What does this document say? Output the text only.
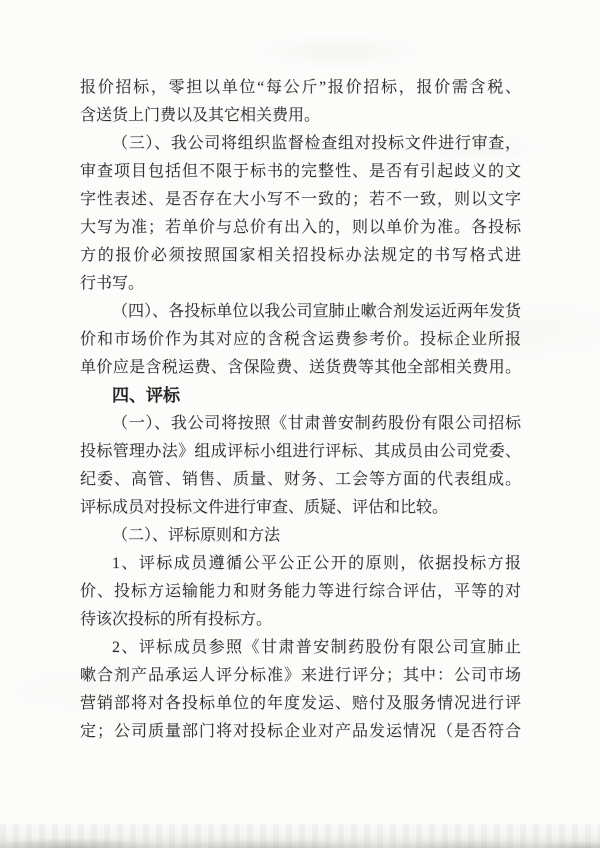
报价招标，零担以单位“每公斤”报价招标，报价需含税、
含送货上门费以及其它相关费用。
（三）、我公司将组织监督检查组对投标文件进行审查，
审查项目包括但不限于标书的完整性、是否有引起歧义的文
字性表述、是否存在大小写不一致的；若不一致，则以文字
大写为准；若单价与总价有出入的，则以单价为准。各投标
方的报价必须按照国家相关招投标办法规定的书写格式进
行书写。
（四）、各投标单位以我公司宣肺止嗽合剂发运近两年发货
价和市场价作为其对应的含税含运费参考价。投标企业所报
单价应是含税运费、含保险费、送货费等其他全部相关费用。
四、评标
（一）、我公司将按照《甘肃普安制药股份有限公司招标
投标管理办法》组成评标小组进行评标、其成员由公司党委、
纪委、高管、销售、质量、财务、工会等方面的代表组成。
评标成员对投标文件进行审查、质疑、评估和比较。
（二）、评标原则和方法
1、评标成员遵循公平公正公开的原则，依据投标方报
价、投标方运输能力和财务能力等进行综合评估，平等的对
待该次投标的所有投标方。
2、评标成员参照《甘肃普安制药股份有限公司宣肺止
嗽合剂产品承运人评分标准》来进行评分；其中：公司市场
营销部将对各投标单位的年度发运、赔付及服务情况进行评
定；公司质量部门将对投标企业对产品发运情况（是否符合
